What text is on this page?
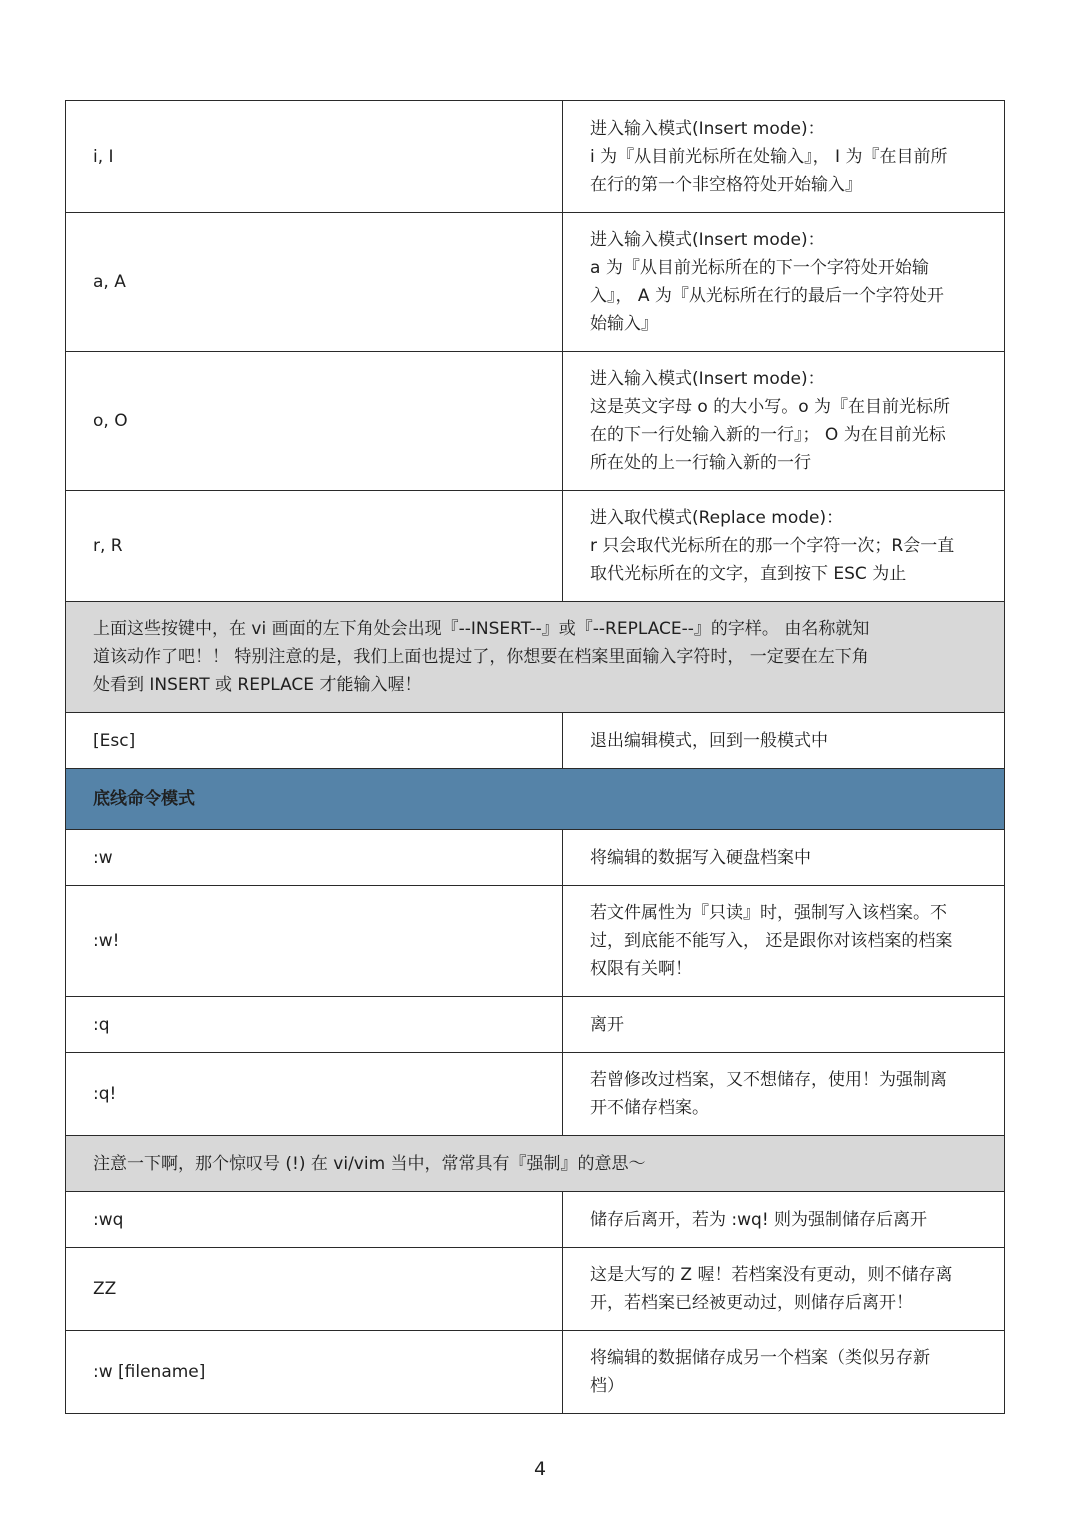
i, I	进入输入模式(Insert mode)：
i 为『从目前光标所在处输入』， I 为『在目前所
在行的第一个非空格符处开始输入』

a, A	进入输入模式(Insert mode)：
a 为『从目前光标所在的下一个字符处开始输
入』， A 为『从光标所在行的最后一个字符处开
始输入』

o, O	进入输入模式(Insert mode)：
这是英文字母 o 的大小写。o 为『在目前光标所
在的下一行处输入新的一行』； O 为在目前光标
所在处的上一行输入新的一行

r, R	进入取代模式(Replace mode)：
r 只会取代光标所在的那一个字符一次；R会一直
取代光标所在的文字，直到按下 ESC 为止

上面这些按键中，在 vi 画面的左下角处会出现『--INSERT--』或『--REPLACE--』的字样。 由名称就知
道该动作了吧！！ 特别注意的是，我们上面也提过了，你想要在档案里面输入字符时， 一定要在左下角
处看到 INSERT 或 REPLACE 才能输入喔！	

[Esc]	退出编辑模式，回到一般模式中

底线命令模式	
:w	将编辑的数据写入硬盘档案中

:w!	若文件属性为『只读』时，强制写入该档案。不
过，到底能不能写入， 还是跟你对该档案的档案
权限有关啊！

:q	离开

:q!	若曾修改过档案，又不想储存，使用！为强制离
开不储存档案。

注意一下啊，那个惊叹号 (!) 在 vi/vim 当中，常常具有『强制』的意思～	

:wq	储存后离开，若为 :wq! 则为强制储存后离开

ZZ	这是大写的 Z 喔！若档案没有更动，则不储存离
开，若档案已经被更动过，则储存后离开！

:w [filename]	将编辑的数据储存成另一个档案（类似另存新
档）
4
